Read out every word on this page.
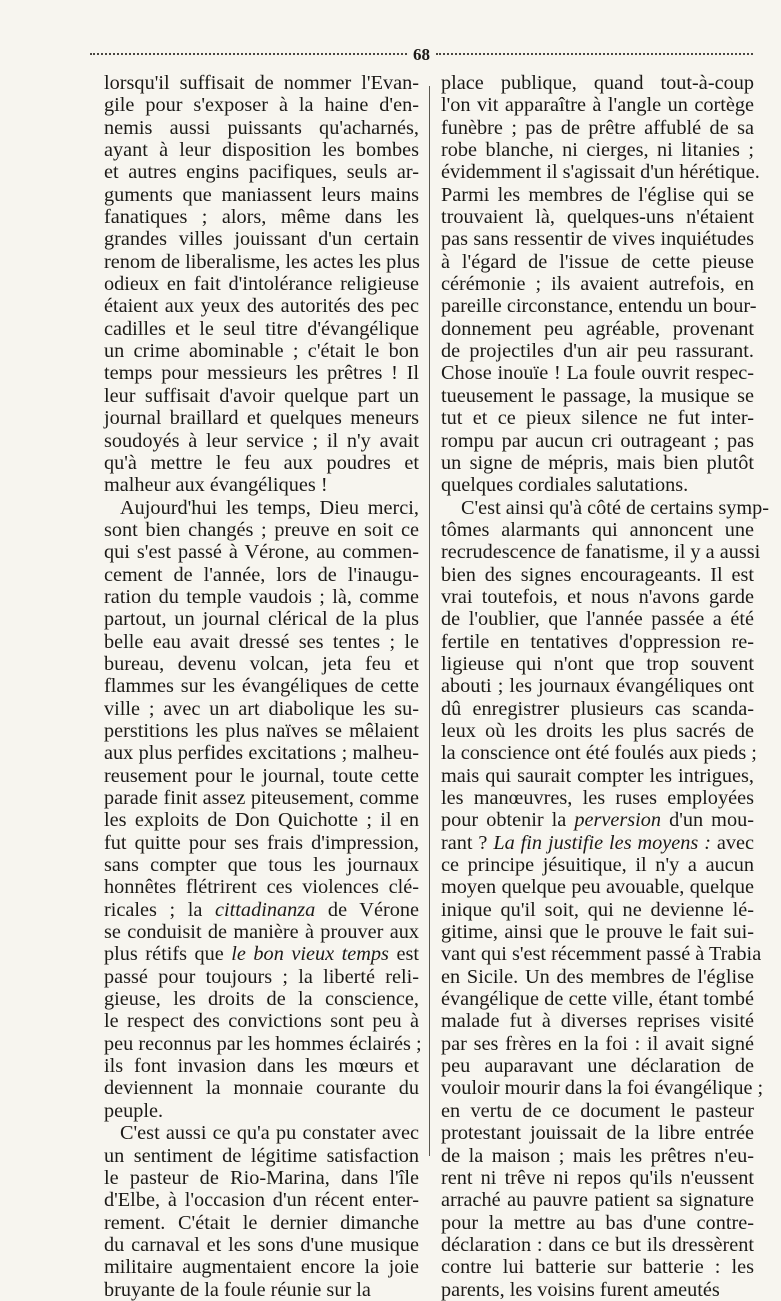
68
lorsqu'il suffisait de nommer l'Evan-
gile pour s'exposer à la haine d'en-
nemis aussi puissants qu'acharnés,
ayant à leur disposition les bombes
et autres engins pacifiques, seuls ar-
guments que maniassent leurs mains
fanatiques ; alors, même dans les
grandes villes jouissant d'un certain
renom de liberalisme, les actes les plus
odieux en fait d'intolérance religieuse
étaient aux yeux des autorités des pec
cadilles et le seul titre d'évangélique
un crime abominable ; c'était le bon
temps pour messieurs les prêtres ! Il
leur suffisait d'avoir quelque part un
journal braillard et quelques meneurs
soudoyés à leur service ; il n'y avait
qu'à mettre le feu aux poudres et
malheur aux évangéliques !
Aujourd'hui les temps, Dieu merci,
sont bien changés ; preuve en soit ce
qui s'est passé à Vérone, au commen-
cement de l'année, lors de l'inaugu-
ration du temple vaudois ; là, comme
partout, un journal clérical de la plus
belle eau avait dressé ses tentes ; le
bureau, devenu volcan, jeta feu et
flammes sur les évangéliques de cette
ville ; avec un art diabolique les su-
perstitions les plus naïves se mêlaient
aux plus perfides excitations ; malheu-
reusement pour le journal, toute cette
parade finit assez piteusement, comme
les exploits de Don Quichotte ; il en
fut quitte pour ses frais d'impression,
sans compter que tous les journaux
honnêtes flétrirent ces violences clé-
ricales ; la cittadinanza de Vérone
se conduisit de manière à prouver aux
plus rétifs que le bon vieux temps est
passé pour toujours ; la liberté reli-
gieuse, les droits de la conscience,
le respect des convictions sont peu à
peu reconnus par les hommes éclairés ;
ils font invasion dans les mœurs et
deviennent la monnaie courante du
peuple.
C'est aussi ce qu'a pu constater avec
un sentiment de légitime satisfaction
le pasteur de Rio-Marina, dans l'île
d'Elbe, à l'occasion d'un récent enter-
rement. C'était le dernier dimanche
du carnaval et les sons d'une musique
militaire augmentaient encore la joie
bruyante de la foule réunie sur la
place publique, quand tout-à-coup
l'on vit apparaître à l'angle un cortège
funèbre ; pas de prêtre affublé de sa
robe blanche, ni cierges, ni litanies ;
évidemment il s'agissait d'un hérétique.
Parmi les membres de l'église qui se
trouvaient là, quelques-uns n'étaient
pas sans ressentir de vives inquiétudes
à l'égard de l'issue de cette pieuse
cérémonie ; ils avaient autrefois, en
pareille circonstance, entendu un bour-
donnement peu agréable, provenant
de projectiles d'un air peu rassurant.
Chose inouïe ! La foule ouvrit respec-
tueusement le passage, la musique se
tut et ce pieux silence ne fut inter-
rompu par aucun cri outrageant ; pas
un signe de mépris, mais bien plutôt
quelques cordiales salutations.
C'est ainsi qu'à côté de certains symp-
tômes alarmants qui annoncent une
recrudescence de fanatisme, il y a aussi
bien des signes encourageants. Il est
vrai toutefois, et nous n'avons garde
de l'oublier, que l'année passée a été
fertile en tentatives d'oppression re-
ligieuse qui n'ont que trop souvent
abouti ; les journaux évangéliques ont
dû enregistrer plusieurs cas scanda-
leux où les droits les plus sacrés de
la conscience ont été foulés aux pieds ;
mais qui saurait compter les intrigues,
les manœuvres, les ruses employées
pour obtenir la perversion d'un mou-
rant ? La fin justifie les moyens : avec
ce principe jésuitique, il n'y a aucun
moyen quelque peu avouable, quelque
inique qu'il soit, qui ne devienne lé-
gitime, ainsi que le prouve le fait sui-
vant qui s'est récemment passé à Trabia
en Sicile. Un des membres de l'église
évangélique de cette ville, étant tombé
malade fut à diverses reprises visité
par ses frères en la foi : il avait signé
peu auparavant une déclaration de
vouloir mourir dans la foi évangélique ;
en vertu de ce document le pasteur
protestant jouissait de la libre entrée
de la maison ; mais les prêtres n'eu-
rent ni trêve ni repos qu'ils n'eussent
arraché au pauvre patient sa signature
pour la mettre au bas d'une contre-
déclaration : dans ce but ils dressèrent
contre lui batterie sur batterie : les
parents, les voisins furent ameutés
